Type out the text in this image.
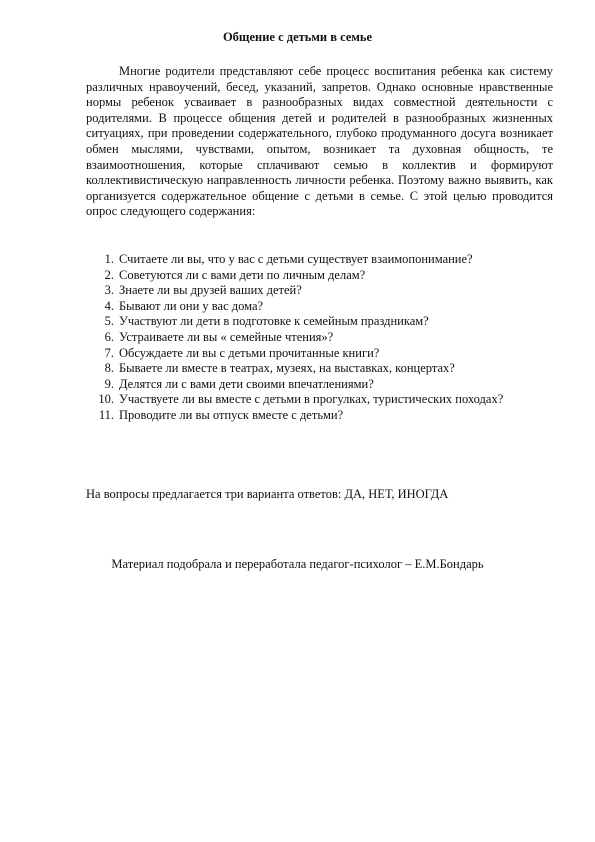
Общение с детьми в семье

Многие родители представляют себе процесс воспитания ребенка как систему различных нравоучений, бесед, указаний, запретов. Однако основные нравственные нормы ребенок усваивает в разнообразных видах совместной деятельности с родителями. В процессе общения детей и родителей в разнообразных жизненных ситуациях, при проведении содержательного, глубоко продуманного досуга возникает обмен мыслями, чувствами, опытом, возникает та духовная общность, те взаимоотношения, которые сплачивают семью в коллектив и формируют коллективистическую направленность личности ребенка. Поэтому важно выявить, как организуется содержательное общение с детьми в семье. С этой целью проводится опрос следующего содержания:

1. Считаете ли вы, что у вас с детьми существует взаимопонимание?
2. Советуются ли с вами дети по личным делам?
3. Знаете ли вы друзей ваших детей?
4. Бывают ли они у вас дома?
5. Участвуют ли дети в подготовке к семейным праздникам?
6. Устраиваете ли вы « семейные чтения»?
7. Обсуждаете ли вы с детьми прочитанные книги?
8. Бываете ли вместе в театрах, музеях, на выставках, концертах?
9. Делятся ли с вами дети своими впечатлениями?
10. Участвуете ли вы вместе с детьми в прогулках, туристических походах?
11. Проводите ли вы отпуск вместе с детьми?

На вопросы предлагается три варианта ответов: ДА, НЕТ, ИНОГДА

Материал подобрала и переработала педагог-психолог – Е.М.Бондарь
